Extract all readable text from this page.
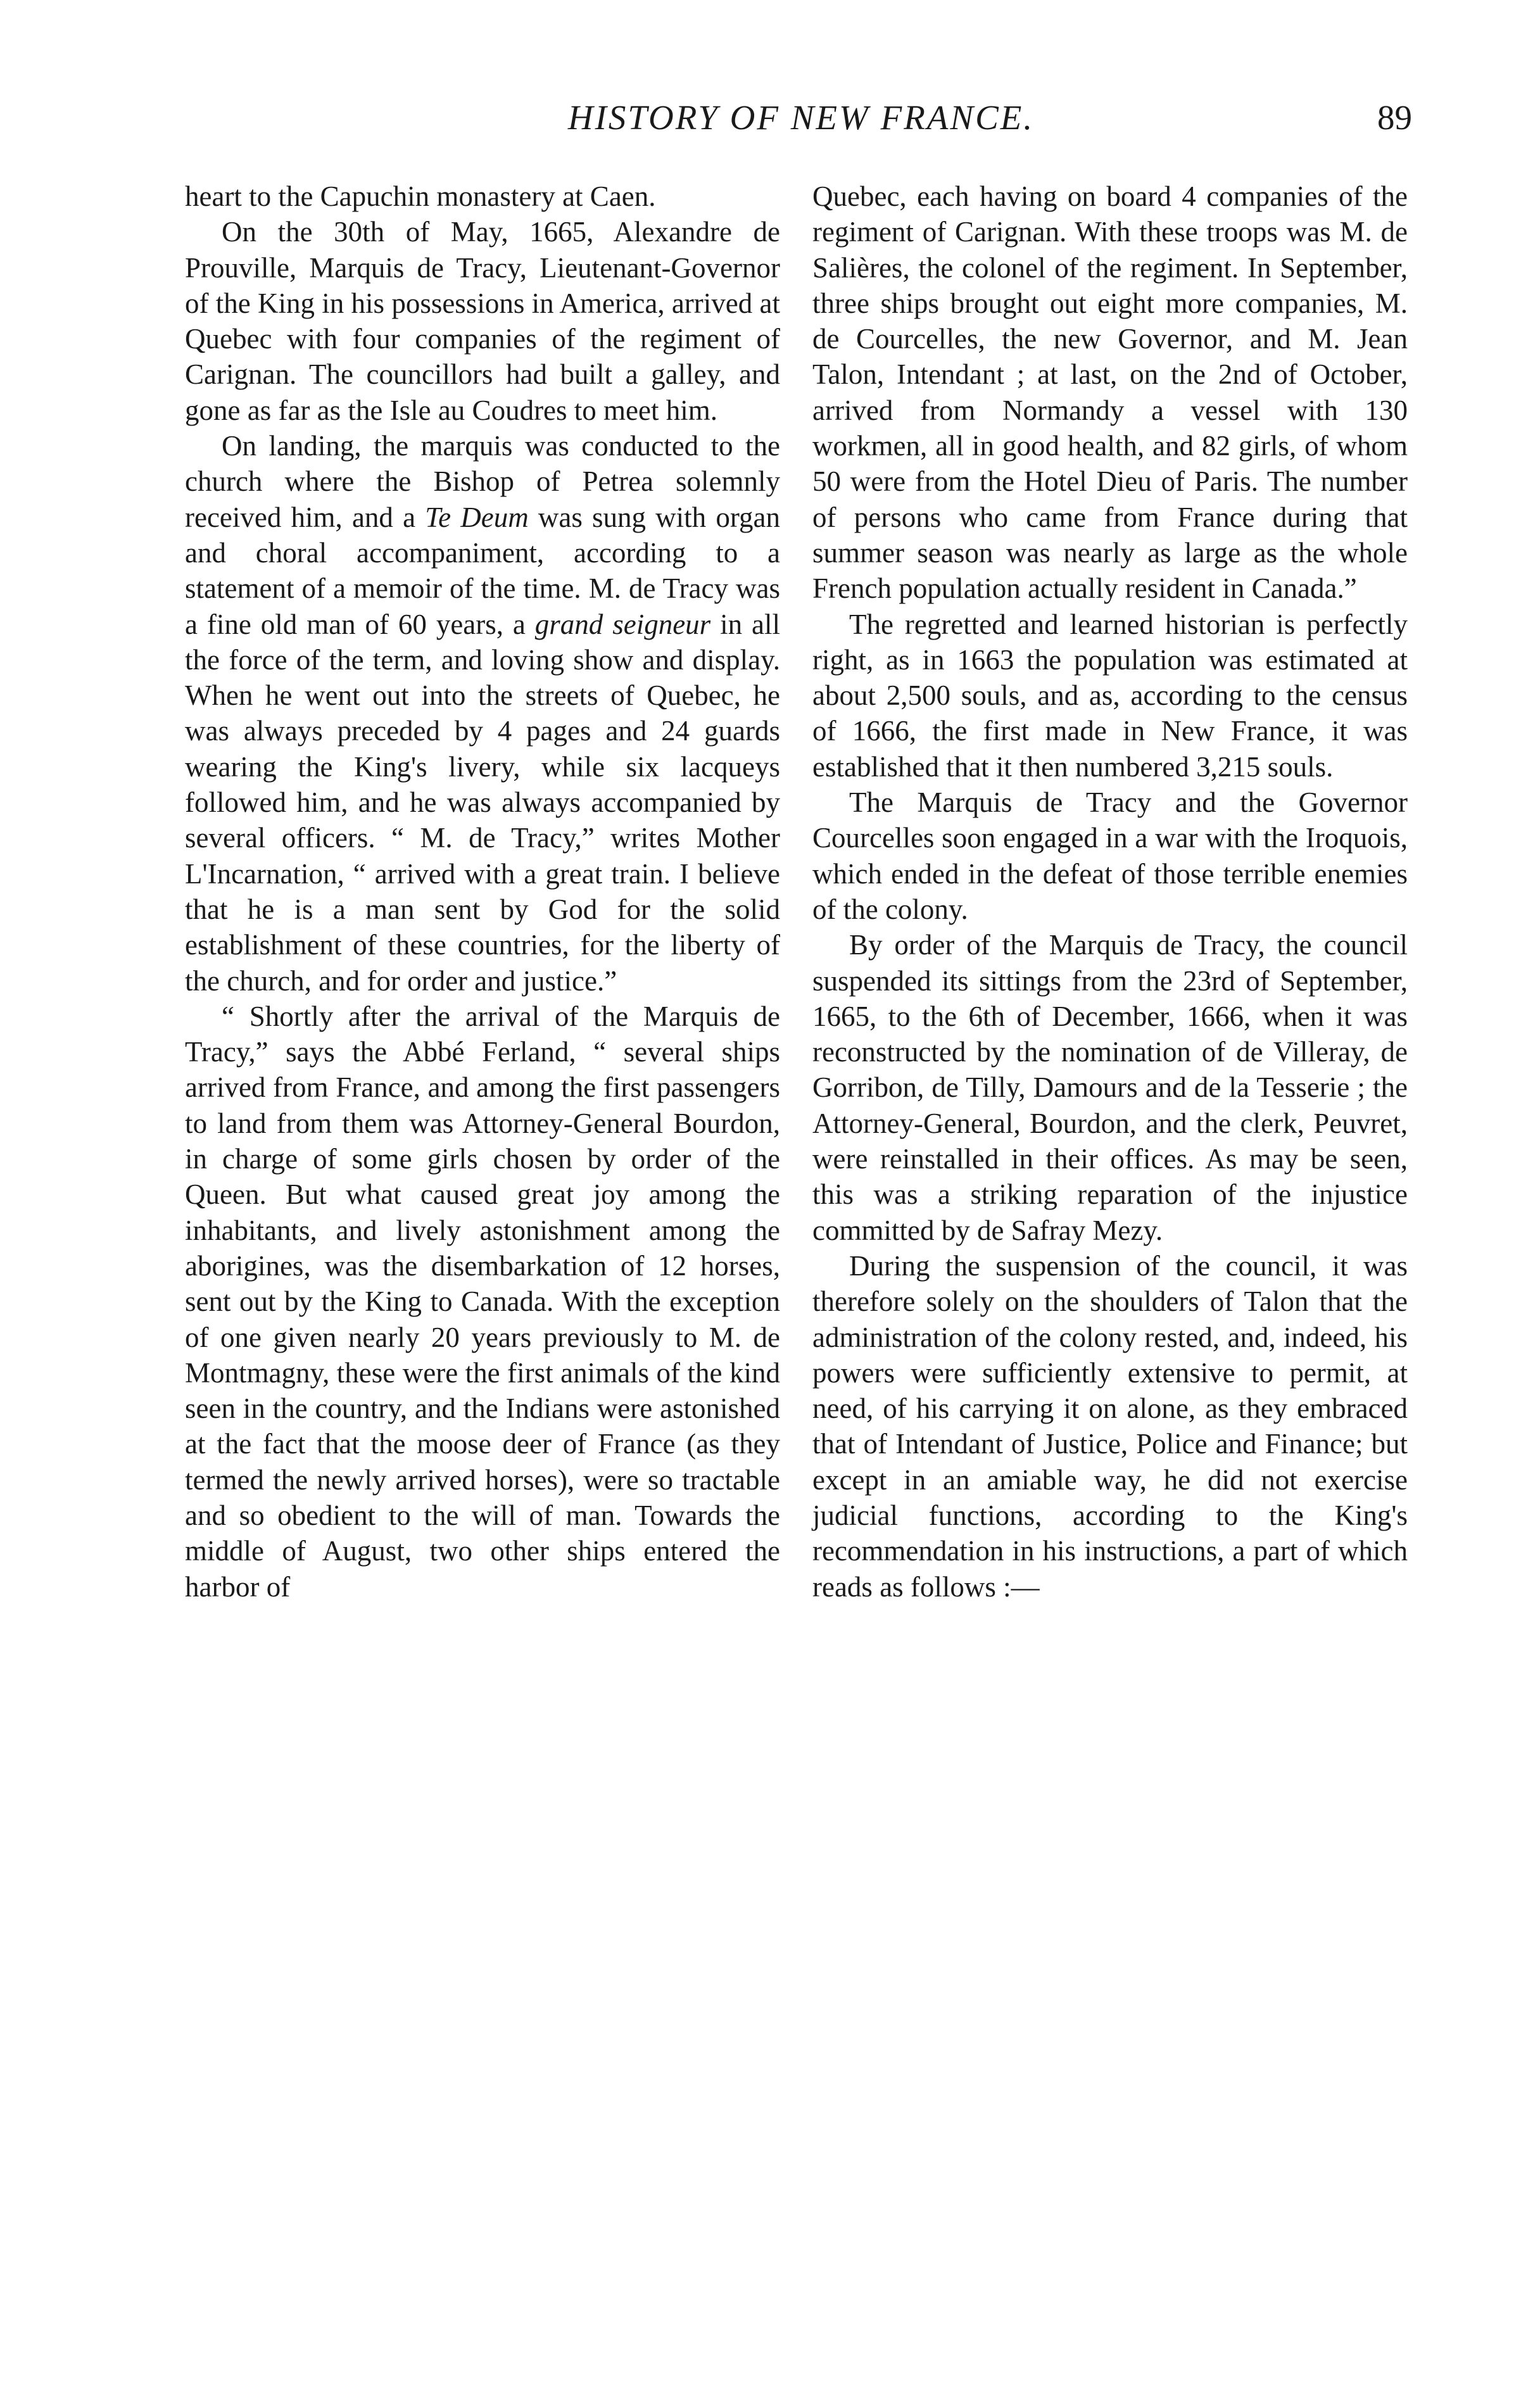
HISTORY OF NEW FRANCE.	89

heart to the Capuchin monastery at Caen.

On the 30th of May, 1665, Alexandre de Prouville, Marquis de Tracy, Lieutenant-Governor of the King in his possessions in America, arrived at Quebec with four companies of the regiment of Carignan. The councillors had built a galley, and gone as far as the Isle au Coudres to meet him.

On landing, the marquis was conducted to the church where the Bishop of Petrea solemnly received him, and a Te Deum was sung with organ and choral accompaniment, according to a statement of a memoir of the time. M. de Tracy was a fine old man of 60 years, a grand seigneur in all the force of the term, and loving show and display. When he went out into the streets of Quebec, he was always preceded by 4 pages and 24 guards wearing the King's livery, while six lacqueys followed him, and he was always accompanied by several officers. “ M. de Tracy,” writes Mother L'Incarnation, “ arrived with a great train. I believe that he is a man sent by God for the solid establishment of these countries, for the liberty of the church, and for order and justice.”

“ Shortly after the arrival of the Marquis de Tracy,” says the Abbé Ferland, “ several ships arrived from France, and among the first passengers to land from them was Attorney-General Bourdon, in charge of some girls chosen by order of the Queen. But what caused great joy among the inhabitants, and lively astonishment among the aborigines, was the disembarkation of 12 horses, sent out by the King to Canada. With the exception of one given nearly 20 years previously to M. de Montmagny, these were the first animals of the kind seen in the country, and the Indians were astonished at the fact that the moose deer of France (as they termed the newly arrived horses), were so tractable and so obedient to the will of man. Towards the middle of August, two other ships entered the harbor of

Quebec, each having on board 4 companies of the regiment of Carignan. With these troops was M. de Salières, the colonel of the regiment. In September, three ships brought out eight more companies, M. de Courcelles, the new Governor, and M. Jean Talon, Intendant ; at last, on the 2nd of October, arrived from Normandy a vessel with 130 workmen, all in good health, and 82 girls, of whom 50 were from the Hotel Dieu of Paris. The number of persons who came from France during that summer season was nearly as large as the whole French population actually resident in Canada.”

The regretted and learned historian is perfectly right, as in 1663 the population was estimated at about 2,500 souls, and as, according to the census of 1666, the first made in New France, it was established that it then numbered 3,215 souls.

The Marquis de Tracy and the Governor Courcelles soon engaged in a war with the Iroquois, which ended in the defeat of those terrible enemies of the colony.

By order of the Marquis de Tracy, the council suspended its sittings from the 23rd of September, 1665, to the 6th of December, 1666, when it was reconstructed by the nomination of de Villeray, de Gorribon, de Tilly, Damours and de la Tesserie ; the Attorney-General, Bourdon, and the clerk, Peuvret, were reinstalled in their offices. As may be seen, this was a striking reparation of the injustice committed by de Safray Mezy.

During the suspension of the council, it was therefore solely on the shoulders of Talon that the administration of the colony rested, and, indeed, his powers were sufficiently extensive to permit, at need, of his carrying it on alone, as they embraced that of Intendant of Justice, Police and Finance; but except in an amiable way, he did not exercise judicial functions, according to the King's recommendation in his instructions, a part of which reads as follows :—
